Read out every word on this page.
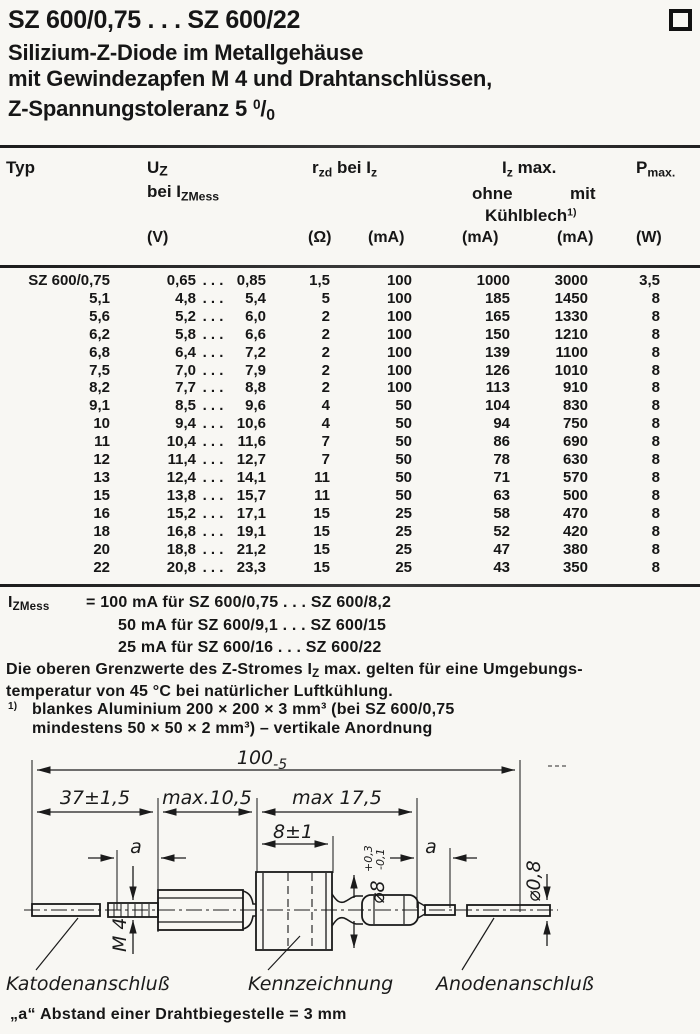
SZ 600/0,75 . . . SZ 600/22
Silizium-Z-Diode im Metallgehäuse
mit Gewindezapfen M 4 und Drahtanschlüssen,
Z-Spannungstoleranz 5 $^0/_0$
Typ	UZ
bei $I_{ZMess}$
$r_{zd}$ bei $I_z$	$I_z$ max.	$P_{max.}$
ohne	mit
Kühlblech$^{1)}$
(V)	(Ω) (mA)	(mA)	(mA)	(W)
SZ 600/0,75	0,65 . . . 0,85	1,5	100	1000	3000	3,5
5,1	4,8 . . .	5,4	5	100	185	1450	8
5,6	5,2 . . .	6,0	2	100	165	1330	8
6,2	5,8 . . .	6,6	2	100	150	1210	8
6,8	6,4 . . .	7,2	2	100	139	1100	8
7,5	7,0 . . .	7,9	2	100	126	1010	8
8,2	7,7 . . .	8,8	2	100	113	910	8
9,1	8,5 . . .	9,6	4	50	104	830	8
10	9,4 . . . 10,6	4	50	94	750	8
11	10,4 . . . 11,6	7	50	86	690	8
12	11,4 . . . 12,7	7	50	78	630	8
13	12,4 . . . 14,1	11	50	71	570	8
15	13,8 . . . 15,7	11	50	63	500	8
16	15,2 . . . 17,1	15	25	58	470	8
18	16,8 . . . 19,1	15	25	52	420	8
20	18,8 . . . 21,2	15	25	47	380	8
22	20,8 . . . 23,3	15	25	43	350	8
$I_{ZMess} = 100$ mA für SZ 600/0,75 . . . SZ 600/8,2
50 mA für SZ 600/9,1 . . . SZ 600/15
25 mA für SZ 600/16 . . . SZ 600/22
Die oberen Grenzwerte des Z-Stromes $I_Z$ max. gelten für eine Umgebungs-
temperatur von 45 °C bei natürlicher Luftkühlung.
$^{1)}$ blankes Aluminium 200 × 200 × 3 mm³ (bei SZ 600/0,75
mindestens 50 × 50 × 2 mm³) – vertikale Anordnung
$100_{-5}$
37±1,5 max.10,5 max 17,5
8±1
a	a
M 4
⌀8
+0,3 -0,1
⌀0,8
Katodenanschluß	Kennzeichnung Anodenanschluß
„a“ Abstand einer Drahtbiegestelle = 3 mm
